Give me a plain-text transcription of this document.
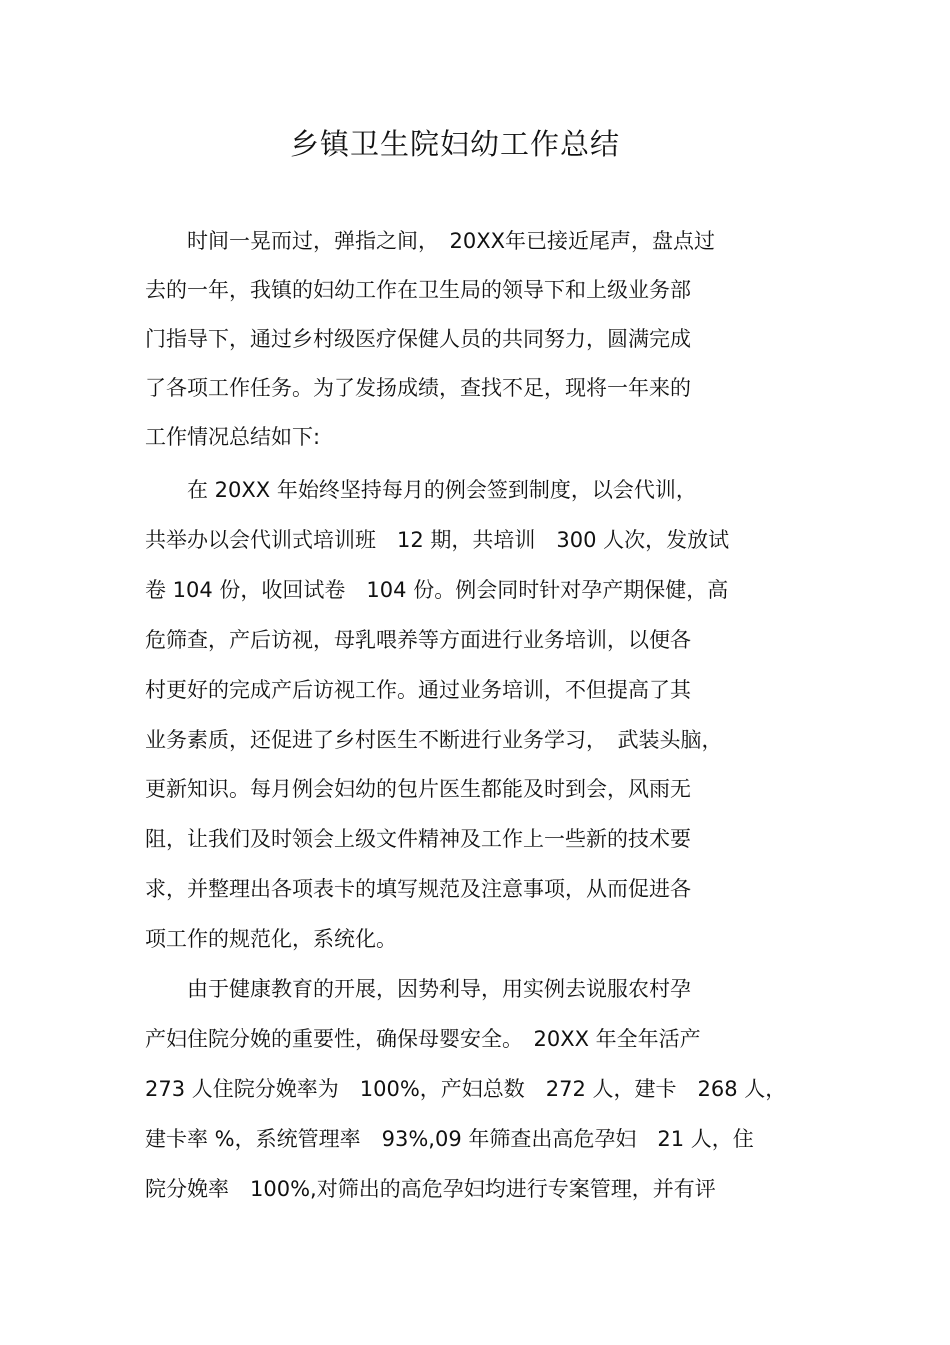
乡镇卫生院妇幼工作总结
　　时间一晃而过，弹指之间，　20XX年已接近尾声，盘点过
去的一年，我镇的妇幼工作在卫生局的领导下和上级业务部
门指导下，通过乡村级医疗保健人员的共同努力，圆满完成
了各项工作任务。为了发扬成绩，查找不足，现将一年来的
工作情况总结如下:
　　在 20XX 年始终坚持每月的例会签到制度，以会代训，
共举办以会代训式培训班　12 期，共培训　300 人次，发放试
卷 104 份，收回试卷　104 份。例会同时针对孕产期保健，高
危筛查，产后访视，母乳喂养等方面进行业务培训，以便各
村更好的完成产后访视工作。通过业务培训，不但提高了其
业务素质，还促进了乡村医生不断进行业务学习，　武装头脑，
更新知识。每月例会妇幼的包片医生都能及时到会，风雨无
阻，让我们及时领会上级文件精神及工作上一些新的技术要
求，并整理出各项表卡的填写规范及注意事项，从而促进各
项工作的规范化，系统化。
　　由于健康教育的开展，因势利导，用实例去说服农村孕
产妇住院分娩的重要性，确保母婴安全。　20XX 年全年活产
273 人住院分娩率为　100%，产妇总数　272 人，建卡　268 人，
建卡率 %，系统管理率　93%,09 年筛查出高危孕妇　21 人，住
院分娩率　100%,对筛出的高危孕妇均进行专案管理，并有评
